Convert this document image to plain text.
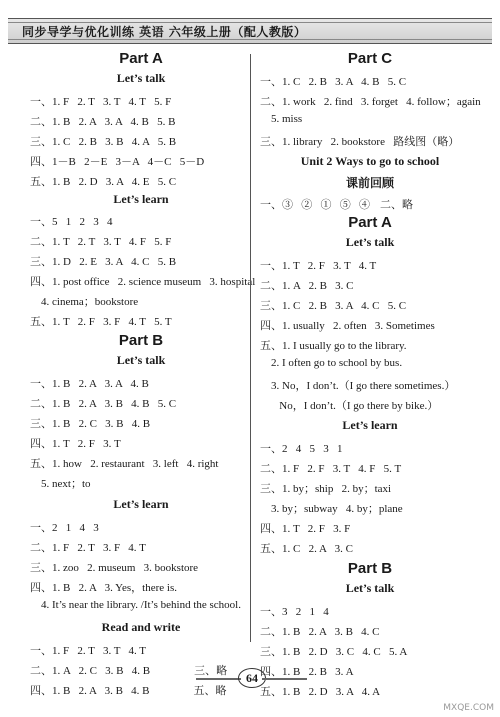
同步导学与优化训练 英语 六年级上册（配人教版）
Part A
Let’s talk
一、1. F   2. T   3. T   4. T   5. F
二、1. B   2. A   3. A   4. B   5. B
三、1. C   2. B   3. B   4. A   5. B
四、1－B   2－E   3－A   4－C   5－D
五、1. B   2. D   3. A   4. E   5. C
Let’s learn
一、5   1   2   3   4
二、1. T   2. T   3. T   4. F   5. F
三、1. D   2. E   3. A   4. C   5. B
四、1. post office   2. science museum   3. hospital
4. cinema；bookstore
五、1. T   2. F   3. F   4. T   5. T
Part B
Let’s talk
一、1. B   2. A   3. A   4. B
二、1. B   2. A   3. B   4. B   5. C
三、1. B   2. C   3. B   4. B
四、1. T   2. F   3. T
五、1. how   2. restaurant   3. left   4. right
5. next；to
Let’s learn
一、2   1   4   3
二、1. F   2. T   3. F   4. T
三、1. zoo   2. museum   3. bookstore
四、1. B   2. A   3. Yes，there is.
4. It’s near the library. /It’s behind the school.
Read and write
一、1. F   2. T   3. T   4. T
二、1. A   2. C   3. B   4. B                三、略
四、1. B   2. A   3. B   4. B                五、略
Part C
一、1. C   2. B   3. A   4. B   5. C
二、1. work   2. find   3. forget   4. follow；again
5. miss
三、1. library   2. bookstore   路线图（略）
Unit 2 Ways to go to school
课前回顾
一、③   ②   ①   ⑤   ④ 二、略
Part A
Let’s talk
一、1. T   2. F   3. T   4. T
二、1. A   2. B   3. C
三、1. C   2. B   3. A   4. C   5. C
四、1. usually   2. often   3. Sometimes
五、1. I usually go to the library.
2. I often go to school by bus.
3. No，I don’t.（I go there sometimes.）
No，I don’t.（I go there by bike.）
Let’s learn
一、2   4   5   3   1
二、1. F   2. F   3. T   4. F   5. T
三、1. by；ship   2. by；taxi
3. by；subway   4. by；plane
四、1. T   2. F   3. F
五、1. C   2. A   3. C
Part B
Let’s talk
一、3   2   1   4
二、1. B   2. A   3. B   4. C
三、1. B   2. D   3. C   4. C   5. A
四、1. B   2. B   3. A
五、1. B   2. D   3. A   4. A
64
MXQE.COM
